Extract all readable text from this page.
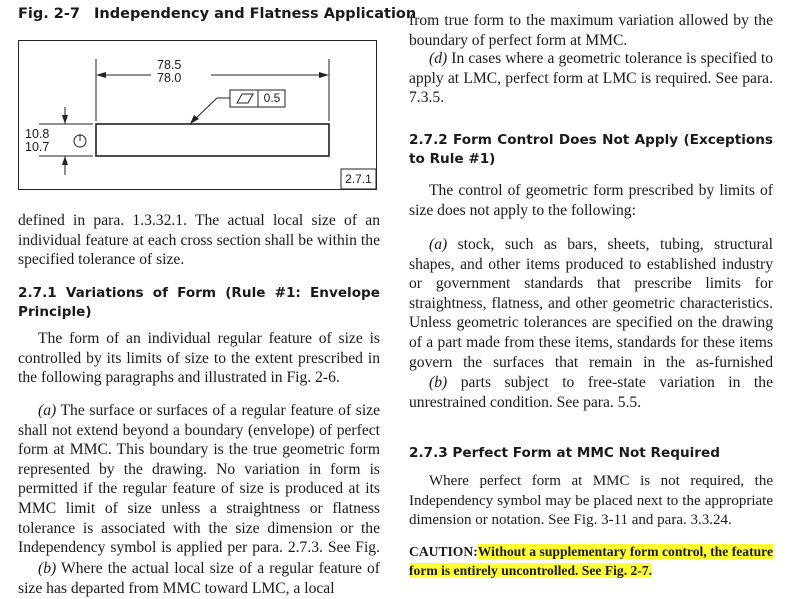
Fig. 2-7 Independency and Flatness Application
78.5
78.0
10.8
10.7
I
0.5
2.7.1

defined in para. 1.3.32.1. The actual local size of an individual feature at each cross section shall be within the specified tolerance of size.

2.7.1 Variations of Form (Rule #1: Envelope Principle)

The form of an individual regular feature of size is controlled by its limits of size to the extent prescribed in the following paragraphs and illustrated in Fig. 2-6.

(a) The surface or surfaces of a regular feature of size shall not extend beyond a boundary (envelope) of perfect form at MMC. This boundary is the true geometric form represented by the drawing. No variation in form is permitted if the regular feature of size is produced at its MMC limit of size unless a straightness or flatness tolerance is associated with the size dimension or the Independency symbol is applied per para. 2.7.3. See Fig.

(b) Where the actual local size of a regular feature of size has departed from MMC toward LMC, a local

from true form to the maximum variation allowed by the boundary of perfect form at MMC.

(d) In cases where a geometric tolerance is specified to apply at LMC, perfect form at LMC is required. See para. 7.3.5.

2.7.2 Form Control Does Not Apply (Exceptions to Rule #1)

The control of geometric form prescribed by limits of size does not apply to the following:

(a) stock, such as bars, sheets, tubing, structural shapes, and other items produced to established industry or government standards that prescribe limits for straightness, flatness, and other geometric characteristics. Unless geometric tolerances are specified on the drawing of a part made from these items, standards for these items govern the surfaces that remain in the as-furnished

(b) parts subject to free-state variation in the unrestrained condition. See para. 5.5.

2.7.3 Perfect Form at MMC Not Required

Where perfect form at MMC is not required, the Independency symbol may be placed next to the appropriate dimension or notation. See Fig. 3-11 and para. 3.3.24.

CAUTION:Without a supplementary form control, the feature form is entirely uncontrolled. See Fig. 2-7.
